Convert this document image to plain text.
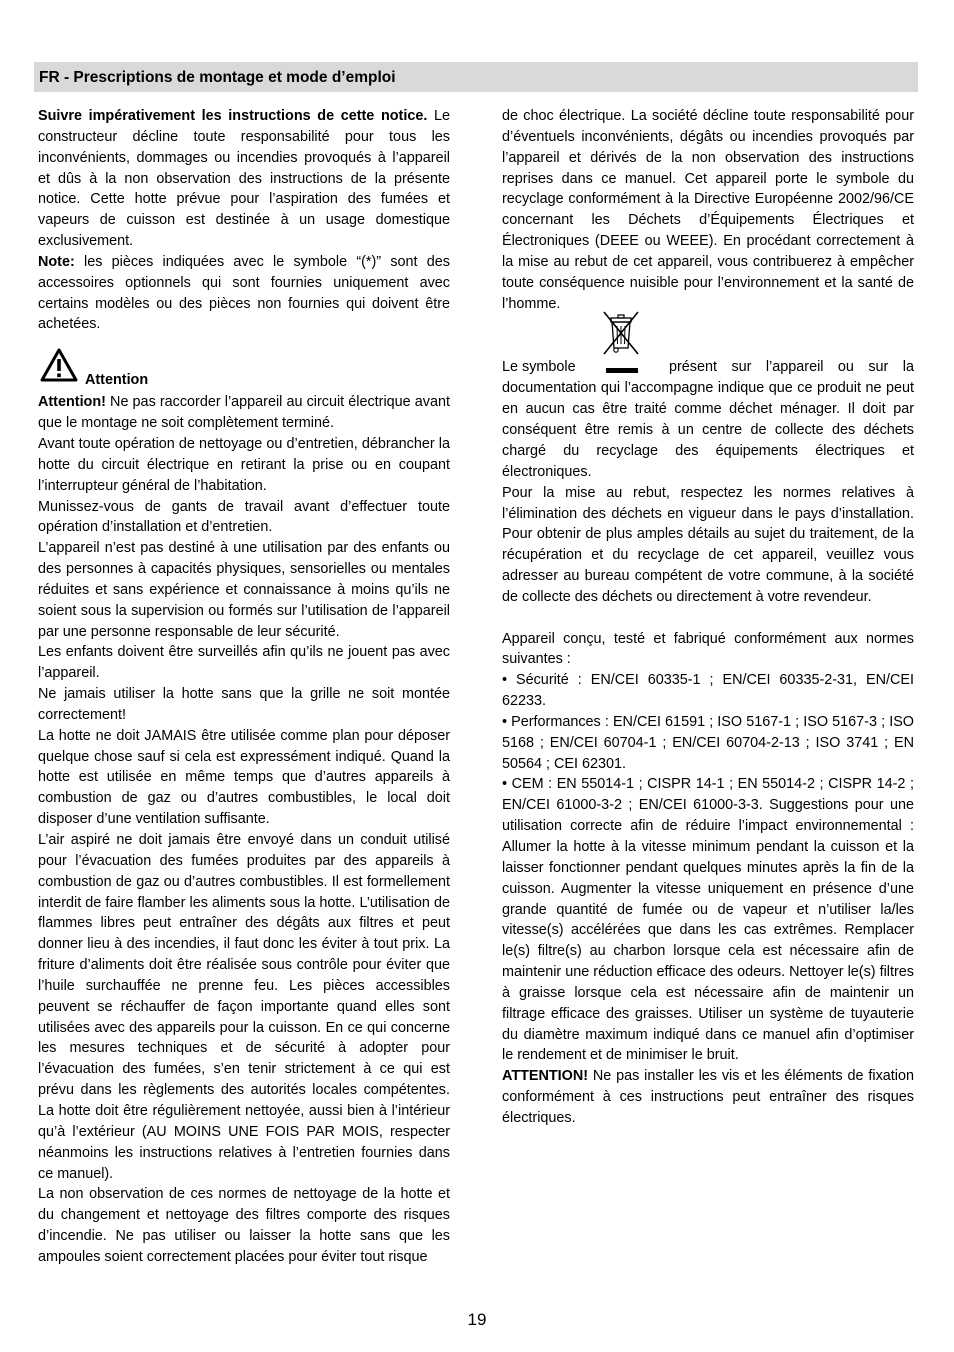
FR - Prescriptions de montage et mode d’emploi

Suivre impérativement les instructions de cette notice. Le constructeur décline toute responsabilité pour tous les inconvénients, dommages ou incendies provoqués à l’appareil et dûs à la non observation des instructions de la présente notice. Cette hotte prévue pour l’aspiration des fumées et vapeurs de cuisson est destinée à un usage domestique exclusivement.

Note: les pièces indiquées avec le symbole “(*)” sont des accessoires optionnels qui sont fournies uniquement avec certains modèles ou des pièces non fournies qui doivent être achetées.

Attention

Attention! Ne pas raccorder l’appareil au circuit électrique avant que le montage ne soit complètement terminé.

Avant toute opération de nettoyage ou d’entretien, débrancher la hotte du circuit électrique en retirant la prise ou en coupant l’interrupteur général de l’habitation.

Munissez-vous de gants de travail avant d’effectuer toute opération d’installation et d’entretien.

L’appareil n’est pas destiné à une utilisation par des enfants ou des personnes à capacités physiques, sensorielles ou mentales réduites et sans expérience et connaissance à moins qu’ils ne soient sous la supervision ou formés sur l’utilisation de l’appareil par une personne responsable de leur sécurité.

Les enfants doivent être surveillés afin qu’ils ne jouent pas avec l’appareil.

Ne jamais utiliser la hotte sans que la grille ne soit montée correctement!

La hotte ne doit JAMAIS être utilisée comme plan pour déposer quelque chose sauf si cela est expressément indiqué. Quand la hotte est utilisée en même temps que d’autres appareils à combustion de gaz ou d’autres combustibles, le local doit disposer d’une ventilation suffisante.

L’air aspiré ne doit jamais être envoyé dans un conduit utilisé pour l’évacuation des fumées produites par des appareils à combustion de gaz ou d’autres combustibles. Il est formellement interdit de faire flamber les aliments sous la hotte. L’utilisation de flammes libres peut entraîner des dégâts aux filtres et peut donner lieu à des incendies, il faut donc les éviter à tout prix. La friture d’aliments doit être réalisée sous contrôle pour éviter que l’huile surchauffée ne prenne feu. Les pièces accessibles peuvent se réchauffer de façon importante quand elles sont utilisées avec des appareils pour la cuisson. En ce qui concerne les mesures techniques et de sécurité à adopter pour l’évacuation des fumées, s’en tenir strictement à ce qui est prévu dans les règlements des autorités locales compétentes. La hotte doit être régulièrement nettoyée, aussi bien à l’intérieur qu’à l’extérieur (AU MOINS UNE FOIS PAR MOIS, respecter néanmoins les instructions relatives à l’entretien fournies dans ce manuel).

La non observation de ces normes de nettoyage de la hotte et du changement et nettoyage des filtres comporte des risques d’incendie. Ne pas utiliser ou laisser la hotte sans que les ampoules soient correctement placées pour éviter tout risque

de choc électrique. La société décline toute responsabilité pour d’éventuels inconvénients, dégâts ou incendies provoqués par l’appareil et dérivés de la non observation des instructions reprises dans ce manuel. Cet appareil porte le symbole du recyclage conformément à la Directive Européenne 2002/96/CE concernant les Déchets d’Équipements Électriques et Électroniques (DEEE ou WEEE). En procédant correctement à la mise au rebut de cet appareil, vous contribuerez à empêcher toute conséquence nuisible pour l’environnement et la santé de l’homme.

Le symbole	présent sur l’appareil ou sur la

documentation qui l’accompagne indique que ce produit ne peut en aucun cas être traité comme déchet ménager. Il doit par conséquent être remis à un centre de collecte des déchets chargé du recyclage des équipements électriques et électroniques.

Pour la mise au rebut, respectez les normes relatives à l’élimination des déchets en vigueur dans le pays d’installation. Pour obtenir de plus amples détails au sujet du traitement, de la récupération et du recyclage de cet appareil, veuillez vous adresser au bureau compétent de votre commune, à la société de collecte des déchets ou directement à votre revendeur.

Appareil conçu, testé et fabriqué conformément aux normes suivantes :

• Sécurité : EN/CEI 60335-1 ; EN/CEI 60335-2-31, EN/CEI 62233.

• Performances : EN/CEI 61591 ; ISO 5167-1 ; ISO 5167-3 ; ISO 5168 ; EN/CEI 60704-1 ; EN/CEI 60704-2-13 ; ISO 3741 ; EN 50564 ; CEI 62301.

• CEM : EN 55014-1 ; CISPR 14-1 ; EN 55014-2 ; CISPR 14-2 ; EN/CEI 61000-3-2 ; EN/CEI 61000-3-3. Suggestions pour une utilisation correcte afin de réduire l’impact environnemental : Allumer la hotte à la vitesse minimum pendant la cuisson et la laisser fonctionner pendant quelques minutes après la fin de la cuisson. Augmenter la vitesse uniquement en présence d’une grande quantité de fumée ou de vapeur et n’utiliser la/les vitesse(s) accélérées que dans les cas extrêmes. Remplacer le(s) filtre(s) au charbon lorsque cela est nécessaire afin de maintenir une réduction efficace des odeurs. Nettoyer le(s) filtres à graisse lorsque cela est nécessaire afin de maintenir un filtrage efficace des graisses. Utiliser un système de tuyauterie du diamètre maximum indiqué dans ce manuel afin d’optimiser le rendement et de minimiser le bruit.

ATTENTION! Ne pas installer les vis et les éléments de fixation conformément à ces instructions peut entraîner des risques électriques.

19
